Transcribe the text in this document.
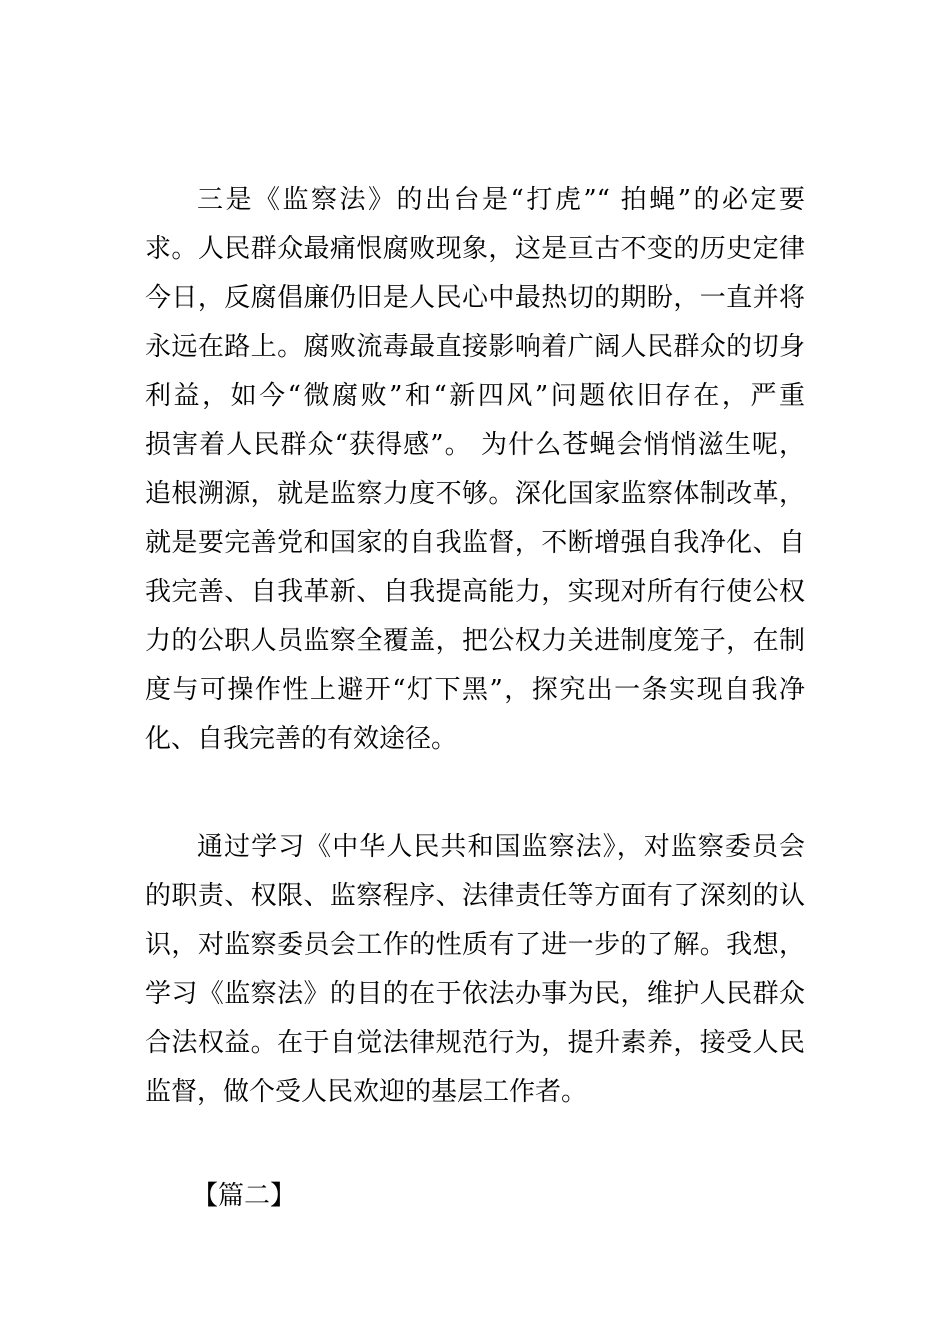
三是《监察法》的出台是“打虎”“ 拍蝇”的必定要
求。人民群众最痛恨腐败现象，这是亘古不变的历史定律
今日，反腐倡廉仍旧是人民心中最热切的期盼，一直并将
永远在路上。腐败流毒最直接影响着广阔人民群众的切身
利益，如今“微腐败”和“新四风”问题依旧存在，严重
损害着人民群众“获得感”。 为什么苍蝇会悄悄滋生呢，
追根溯源，就是监察力度不够。深化国家监察体制改革，
就是要完善党和国家的自我监督，不断增强自我净化、自
我完善、自我革新、自我提高能力，实现对所有行使公权
力的公职人员监察全覆盖，把公权力关进制度笼子，在制
度与可操作性上避开“灯下黑”，探究出一条实现自我净
化、自我完善的有效途径。
通过学习《中华人民共和国监察法》，对监察委员会
的职责、权限、监察程序、法律责任等方面有了深刻的认
识，对监察委员会工作的性质有了进一步的了解。我想，
学习《监察法》的目的在于依法办事为民，维护人民群众
合法权益。在于自觉法律规范行为，提升素养，接受人民
监督，做个受人民欢迎的基层工作者。
【篇二】
